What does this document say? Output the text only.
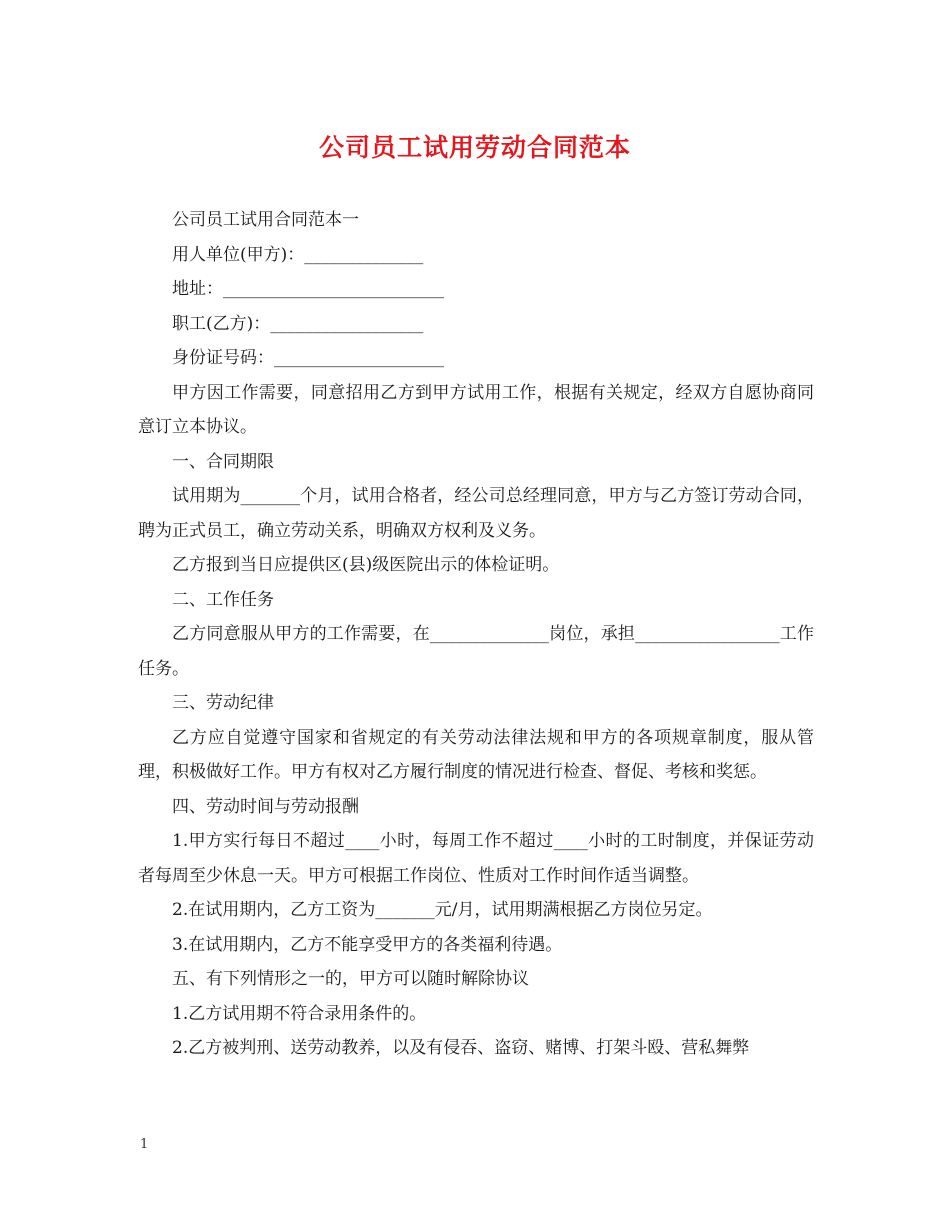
公司员工试用劳动合同范本

公司员工试用合同范本一

用人单位(甲方)：______________

地址：__________________________

职工(乙方)：__________________

身份证号码：____________________

甲方因工作需要，同意招用乙方到甲方试用工作，根据有关规定，经双方自愿协商同意订立本协议。

一、合同期限

试用期为_______个月，试用合格者，经公司总经理同意，甲方与乙方签订劳动合同，聘为正式员工，确立劳动关系，明确双方权利及义务。

乙方报到当日应提供区(县)级医院出示的体检证明。

二、工作任务

乙方同意服从甲方的工作需要，在______________岗位，承担_________________工作任务。

三、劳动纪律

乙方应自觉遵守国家和省规定的有关劳动法律法规和甲方的各项规章制度，服从管理，积极做好工作。甲方有权对乙方履行制度的情况进行检查、督促、考核和奖惩。

四、劳动时间与劳动报酬

1.甲方实行每日不超过____小时，每周工作不超过____小时的工时制度，并保证劳动者每周至少休息一天。甲方可根据工作岗位、性质对工作时间作适当调整。

2.在试用期内，乙方工资为_______元/月，试用期满根据乙方岗位另定。

3.在试用期内，乙方不能享受甲方的各类福利待遇。

五、有下列情形之一的，甲方可以随时解除协议

1.乙方试用期不符合录用条件的。

2.乙方被判刑、送劳动教养，以及有侵吞、盗窃、赌博、打架斗殴、营私舞弊

1
